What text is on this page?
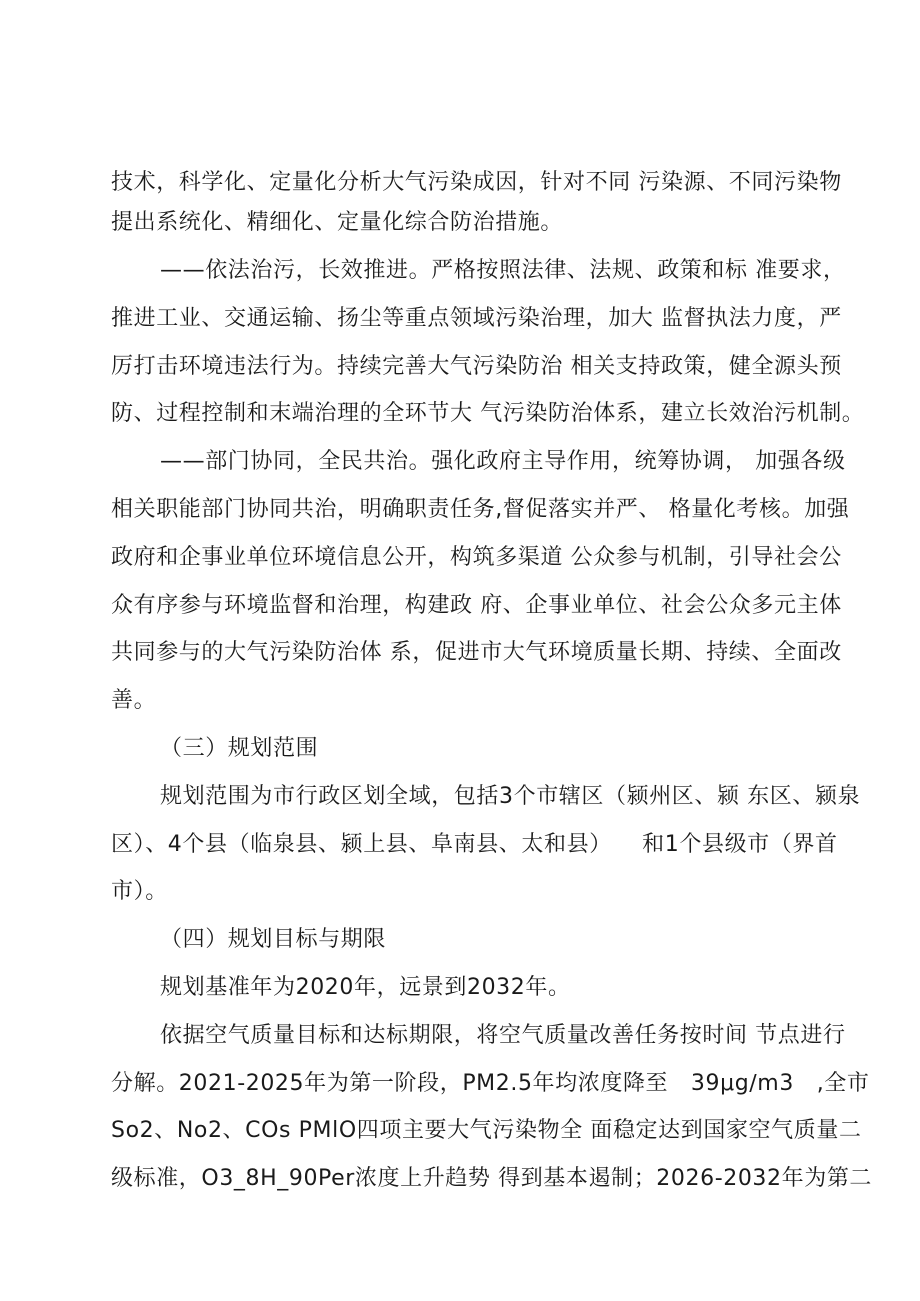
技术，科学化、定量化分析大气污染成因，针对不同 污染源、不同污染物
提出系统化、精细化、定量化综合防治措施。
——依法治污，长效推进。严格按照法律、法规、政策和标 准要求，
推进工业、交通运输、扬尘等重点领域污染治理，加大 监督执法力度，严
厉打击环境违法行为。持续完善大气污染防治 相关支持政策，健全源头预
防、过程控制和末端治理的全环节大 气污染防治体系，建立长效治污机制。
——部门协同，全民共治。强化政府主导作用，统筹协调， 加强各级
相关职能部门协同共治，明确职责任务,督促落实并严、 格量化考核。加强
政府和企事业单位环境信息公开，构筑多渠道 公众参与机制，引导社会公
众有序参与环境监督和治理，构建政 府、企事业单位、社会公众多元主体
共同参与的大气污染防治体 系，促进市大气环境质量长期、持续、全面改
善。
（三）规划范围
规划范围为市行政区划全域，包括3个市辖区（颍州区、颍 东区、颍泉
区）、4个县（临泉县、颍上县、阜南县、太和县）    和1个县级市（界首
市）。
（四）规划目标与期限
规划基准年为2020年，远景到2032年。
依据空气质量目标和达标期限，将空气质量改善任务按时间 节点进行
分解。2021-2025年为第一阶段，PM2.5年均浓度降至   39μg∕m3   ,全市
So2、No2、COs PMlO四项主要大气污染物全 面稳定达到国家空气质量二
级标准，O3_8H_90Per浓度上升趋势 得到基本遏制；2026-2032年为第二
